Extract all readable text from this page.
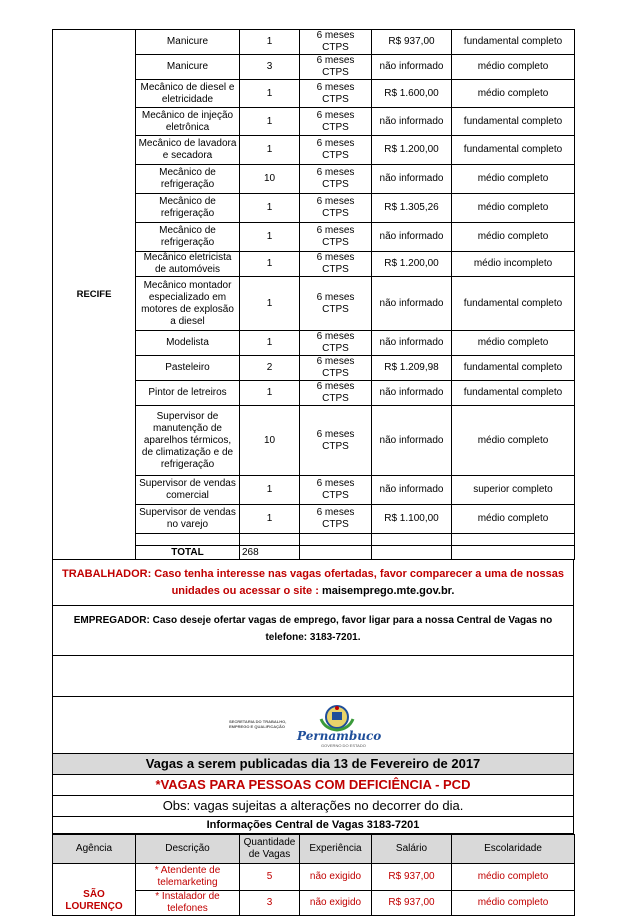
RECIFE	Manicure	1	6 meses CTPS	R$ 937,00	fundamental completo
	Manicure	3	6 meses CTPS	não informado	médio completo
	Mecânico de diesel e eletricidade	1	6 meses CTPS	R$ 1.600,00	médio completo
	Mecânico de injeção eletrônica	1	6 meses CTPS	não informado	fundamental completo
	Mecânico de lavadora e secadora	1	6 meses CTPS	R$ 1.200,00	fundamental completo
	Mecânico de refrigeração	10	6 meses CTPS	não informado	médio completo
	Mecânico de refrigeração	1	6 meses CTPS	R$ 1.305,26	médio completo
	Mecânico de refrigeração	1	6 meses CTPS	não informado	médio completo
	Mecânico eletricista de automóveis	1	6 meses CTPS	R$ 1.200,00	médio incompleto
	Mecânico montador especializado em motores de explosão a diesel	1	6 meses CTPS	não informado	fundamental completo
	Modelista	1	6 meses CTPS	não informado	médio completo
	Pasteleiro	2	6 meses CTPS	R$ 1.209,98	fundamental completo
	Pintor de letreiros	1	6 meses CTPS	não informado	fundamental completo
	Supervisor de manutenção de aparelhos térmicos, de climatização e de refrigeração	10	6 meses CTPS	não informado	médio completo
	Supervisor de vendas comercial	1	6 meses CTPS	não informado	superior completo
	Supervisor de vendas no varejo	1	6 meses CTPS	R$ 1.100,00	médio completo

	TOTAL	268			
TRABALHADOR: Caso tenha interesse nas vagas ofertadas, favor comparecer a uma de nossas unidades ou acessar o site : maisemprego.mte.gov.br.
EMPREGADOR: Caso deseje ofertar vagas de emprego, favor ligar para a nossa Central de Vagas no telefone: 3183-7201.
SECRETARIA DO TRABALHO, EMPREGO E QUALIFICAÇÃO
Pernambuco
GOVERNO DO ESTADO
Vagas a serem publicadas dia 13 de Fevereiro de 2017
*VAGAS PARA PESSOAS COM DEFICIÊNCIA - PCD
Obs: vagas sujeitas a alterações no decorrer do dia.
Informações Central de Vagas 3183-7201
Agência	Descrição	Quantidade de Vagas	Experiência	Salário	Escolaridade
SÃO LOURENÇO	* Atendente de telemarketing	5	não exigido	R$ 937,00	médio completo
	* Instalador de telefones	3	não exigido	R$ 937,00	médio completo
